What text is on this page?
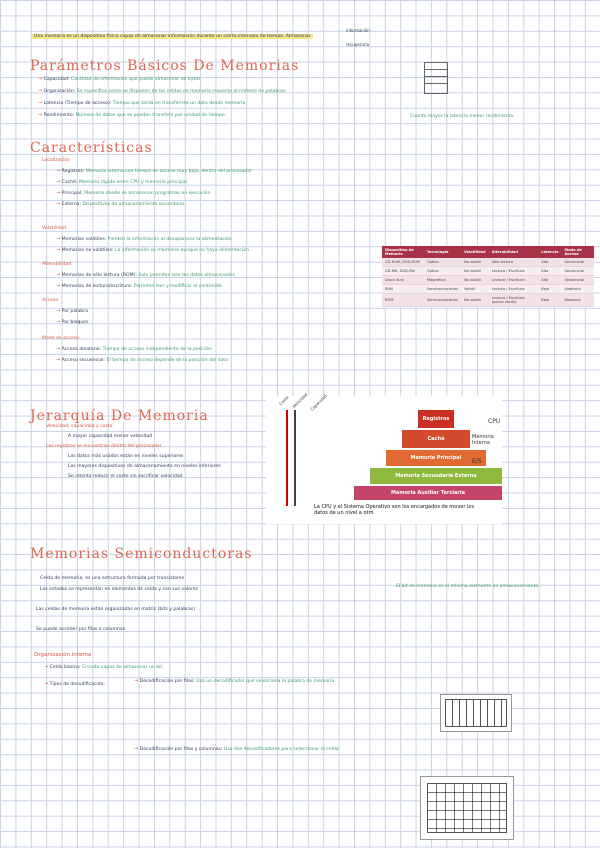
Una memoria es un dispositivo físico capaz de almacenar información durante un cierto intervalo de tiempo. Almacenar
información
recuperarla
Parámetros Básicos De Memorias
→ Capacidad: Cantidad de información que puede almacenar en bytes
→ Organización: Se especifica como se disponen de las celdas de memoria respecto al número de palabras
→ Latencia (Tiempo de acceso): Tiempo que tarda en transferirse un dato desde memoria
→ Rendimiento: Número de datos que se pueden transferir por unidad de tiempo	Cuanto mayor la latencia menor rendimiento
Características
Localización
→ Registros: Memoria interna con tiempo de acceso muy bajo, dentro del procesador
→ Caché: Memoria rápida entre CPU y memoria principal
→ Principal: Memoria donde se almacenan programas en ejecución
→ Externa: Dispositivos de almacenamiento secundario
Volatilidad
→ Memorias volátiles: Pierden la información al desaparecer la alimentación
→ Memorias no volátiles: La información se mantiene aunque no haya alimentación
Alterabilidad
→ Memorias de sólo lectura (ROM): Solo permiten leer los datos almacenados
→ Memorias de lectura/escritura: Permiten leer y modificar el contenido
Acceso
→ Por palabra
→ Por bloques
Modo de acceso
→ Acceso aleatorio: Tiempo de acceso independiente de la posición
→ Acceso secuencial: El tiempo de acceso depende de la posición del dato
Dispositivo de Memoria	Tecnología	Volatilidad	Alterabilidad	Latencia	Modo de Acceso
CD-ROM, DVD-ROM	Óptica	No volátil	Sólo lectura	Alta	Secuencial
CD-RW, DVD-RW	Óptica	No volátil	Lectura / Escritura	Alta	Secuencial
Disco duro	Magnética	No volátil	Lectura / Escritura	Alta	Secuencial
RAM	Semiconductores	Volátil	Lectura / Escritura	Baja	Aleatorio
ROM	Semiconductores	No volátil	Lectura / Escritura (pocas veces)	Baja	Aleatorio
Jerarquía De Memoria
Velocidad, capacidad y coste
A mayor capacidad menor velocidad
Los registros se encuentran dentro del procesador
Los datos más usados están en niveles superiores
Los mayores dispositivos de almacenamiento en niveles inferiores
Se intenta reducir el coste sin sacrificar velocidad
Coste Velocidad Capacidad
Registros
Caché
Memoria Principal
Memoria Secundaria Externa
Memoria Auxiliar Terciaria
CPU
Memoria Interna
E/S
La CPU y el Sistema Operativo son los encargados de mover los datos de un nivel a otro
Memorias Semiconductoras
Celda de memoria, es una estructura formada por transistores
Los estados se representan en elementos de celda y con sus valores
Las celdas de memoria están organizadas en matriz (bits y palabras)
Se puede acceder por filas o columnas
El bit de memoria es el mínimo elemento de almacenamiento
Organización interna
→ Celda básica: Circuito capaz de almacenar un bit
→ Tipos de decodificación:
→ Decodificación por filas: Usa un decodificador que selecciona la palabra de memoria
→ Decodificación por filas y columnas: Usa dos decodificadores para seleccionar la celda
